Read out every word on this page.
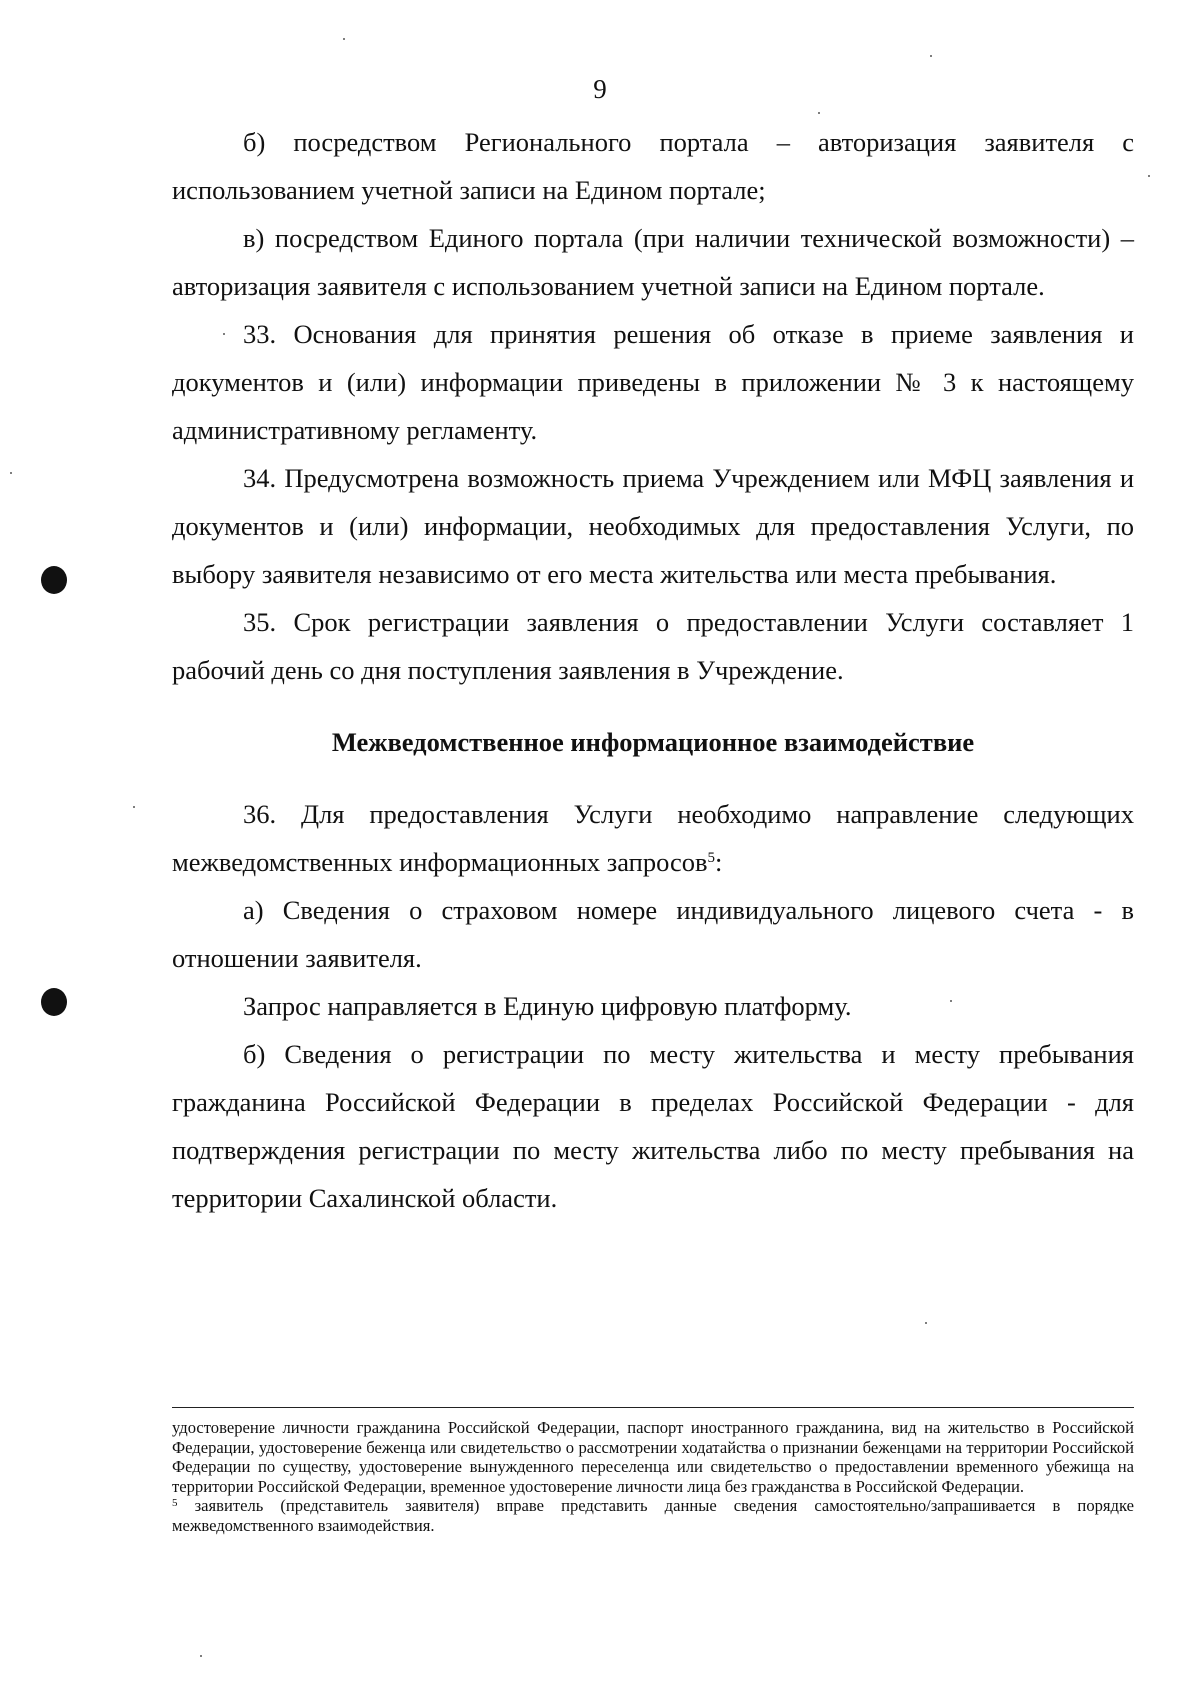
9

б) посредством Регионального портала – авторизация заявителя с использованием учетной записи на Едином портале;

в) посредством Единого портала (при наличии технической возможности) – авторизация заявителя с использованием учетной записи на Едином портале.

33. Основания для принятия решения об отказе в приеме заявления и документов и (или) информации приведены в приложении № 3 к настоящему административному регламенту.

34. Предусмотрена возможность приема Учреждением или МФЦ заявления и документов и (или) информации, необходимых для предоставления Услуги, по выбору заявителя независимо от его места жительства или места пребывания.

35. Срок регистрации заявления о предоставлении Услуги составляет 1 рабочий день со дня поступления заявления в Учреждение.

Межведомственное информационное взаимодействие

36. Для предоставления Услуги необходимо направление следующих межведомственных информационных запросов$^5$:

а) Сведения о страховом номере индивидуального лицевого счета - в отношении заявителя.

Запрос направляется в Единую цифровую платформу.

б) Сведения о регистрации по месту жительства и месту пребывания гражданина Российской Федерации в пределах Российской Федерации - для подтверждения регистрации по месту жительства либо по месту пребывания на территории Сахалинской области.

удостоверение личности гражданина Российской Федерации, паспорт иностранного гражданина, вид на жительство в Российской Федерации, удостоверение беженца или свидетельство о рассмотрении ходатайства о признании беженцами на территории Российской Федерации по существу, удостоверение вынужденного переселенца или свидетельство о предоставлении временного убежища на территории Российской Федерации, временное удостоверение личности лица без гражданства в Российской Федерации.

$^5$ заявитель (представитель заявителя) вправе представить данные сведения самостоятельно/запрашивается в порядке межведомственного взаимодействия.
